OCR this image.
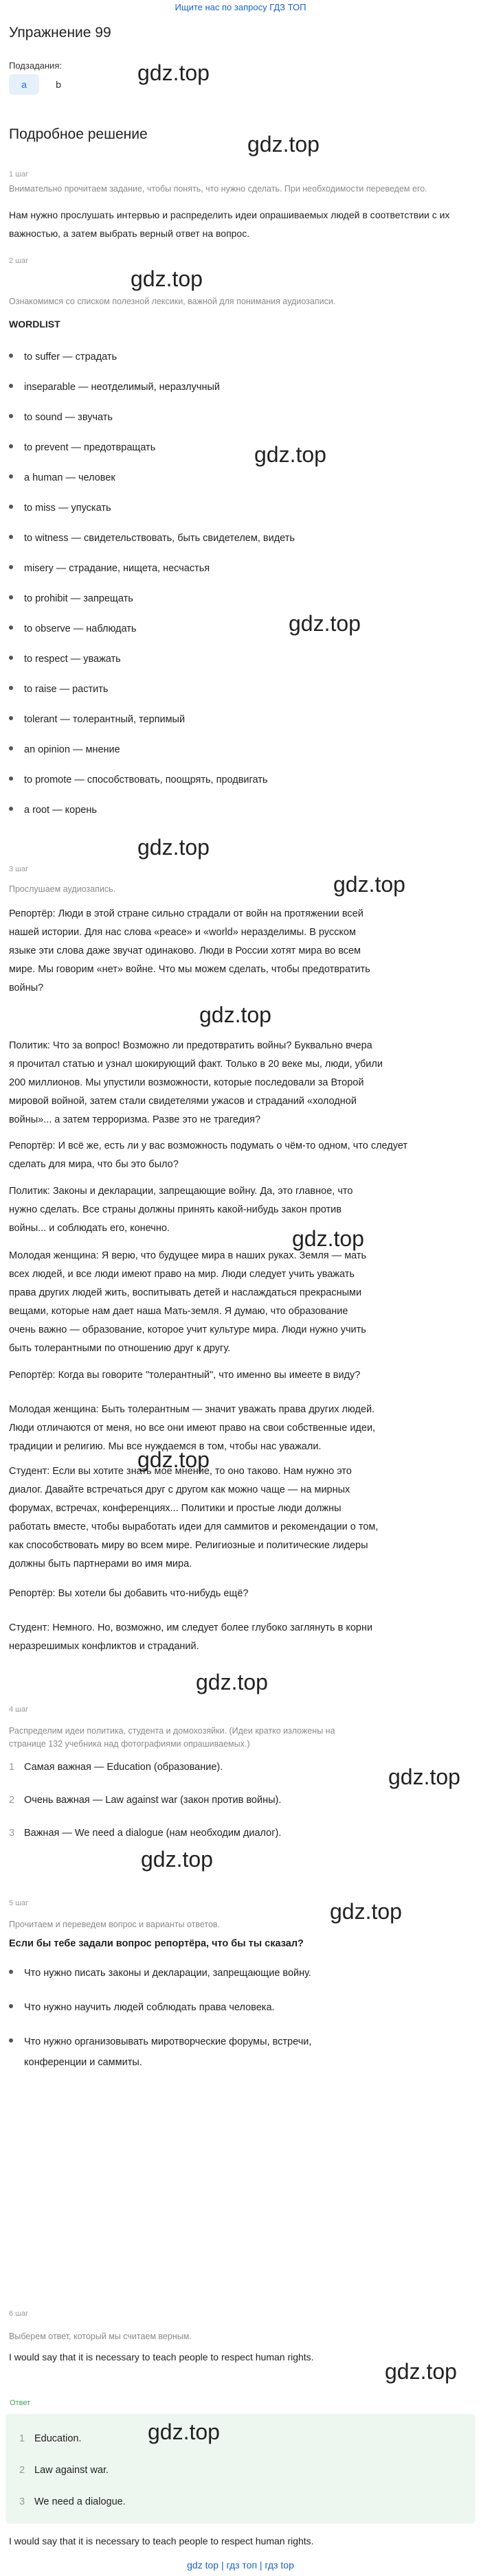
Ищите нас по запросу ГДЗ ТОП
Упражнение 99
gdz.top
Подзадания:
a	b
Подробное решение	gdz.top
1 шаг
Внимательно прочитаем задание, чтобы понять, что нужно сделать. При необходимости переведем его.
Нам нужно прослушать интервью и распределить идеи опрашиваемых людей в соответствии с их важностью, а затем выбрать верный ответ на вопрос.
2 шаг
gdz.top
Ознакомимся со списком полезной лексики, важной для понимания аудиозаписи.
WORDLIST
to suffer — страдать
inseparable — неотделимый, неразлучный
to sound — звучать
to prevent — предотвращать	gdz.top
a human — человек
to miss — упускать
to witness — свидетельствовать, быть свидетелем, видеть
misery — страдание, нищета, несчастья
to prohibit — запрещать
gdz.top
to observe — наблюдать
to respect — уважать
to raise — растить
tolerant — толерантный, терпимый
an opinion — мнение
to promote — способствовать, поощрять, продвигать
a root — корень
gdz.top
3 шаг
gdz.top
Прослушаем аудиозапись.
Репортёр: Люди в этой стране сильно страдали от войн на протяжении всей
нашей истории. Для нас слова «peace» и «world» неразделимы. В русском
языке эти слова даже звучат одинаково. Люди в России хотят мира во всем
мире. Мы говорим «нет» войне. Что мы можем сделать, чтобы предотвратить
войны?
gdz.top
Политик: Что за вопрос! Возможно ли предотвратить войны? Буквально вчера
я прочитал статью и узнал шокирующий факт. Только в 20 веке мы, люди, убили
200 миллионов. Мы упустили возможности, которые последовали за Второй
мировой войной, затем стали свидетелями ужасов и страданий «холодной
войны»... а затем терроризма. Разве это не трагедия?
Репортёр: И всё же, есть ли у вас возможность подумать о чём-то одном, что следует
сделать для мира, что бы это было?
Политик: Законы и декларации, запрещающие войну. Да, это главное, что
нужно сделать. Все страны должны принять какой-нибудь закон против
войны... и соблюдать его, конечно.	gdz.top
Молодая женщина: Я верю, что будущее мира в наших руках. Земля — мать
всех людей, и все люди имеют право на мир. Люди следует учить уважать
права других людей жить, воспитывать детей и наслаждаться прекрасными
вещами, которые нам дает наша Мать-земля. Я думаю, что образование
очень важно — образование, которое учит культуре мира. Люди нужно учить
быть толерантными по отношению друг к другу.
Репортёр: Когда вы говорите "толерантный", что именно вы имеете в виду?
Молодая женщина: Быть толерантным — значит уважать права других людей.
Люди отличаются от меня, но все они имеют право на свои собственные идеи,
традиции и религию. Мы все нуждаемся в том, чтобы нас уважали.
gdz.top
Студент: Если вы хотите знать мое мнение, то оно таково. Нам нужно это
диалог. Давайте встречаться друг с другом как можно чаще — на мирных
форумах, встречах, конференциях... Политики и простые люди должны
работать вместе, чтобы выработать идеи для саммитов и рекомендации о том,
как способствовать миру во всем мире. Религиозные и политические лидеры
должны быть партнерами во имя мира.
Репортёр: Вы хотели бы добавить что-нибудь ещё?
Студент: Немного. Но, возможно, им следует более глубоко заглянуть в корни
неразрешимых конфликтов и страданий.
gdz.top
4 шаг
Распределим идеи политика, студента и домохозяйки. (Идеи кратко изложены на
странице 132 учебника над фотографиями опрашиваемых.)
1 Самая важная — Education (образование).	gdz.top
2 Очень важная — Law against war (закон против войны).
3 Важная — We need a dialogue (нам необходим диалог).
gdz.top
5 шаг	gdz.top
Прочитаем и переведем вопрос и варианты ответов.
Если бы тебе задали вопрос репортёра, что бы ты сказал?
Что нужно писать законы и декларации, запрещающие войну.
Что нужно научить людей соблюдать права человека.
Что нужно организовывать миротворческие форумы, встречи,
конференции и саммиты.
6 шаг
Выберем ответ, который мы считаем верным.
I would say that it is necessary to teach people to respect human rights.
gdz.top
Ответ
gdz.top
1 Education.
2 Law against war.
3 We need a dialogue.
I would say that it is necessary to teach people to respect human rights.
gdz top | гдз топ | гдз top
